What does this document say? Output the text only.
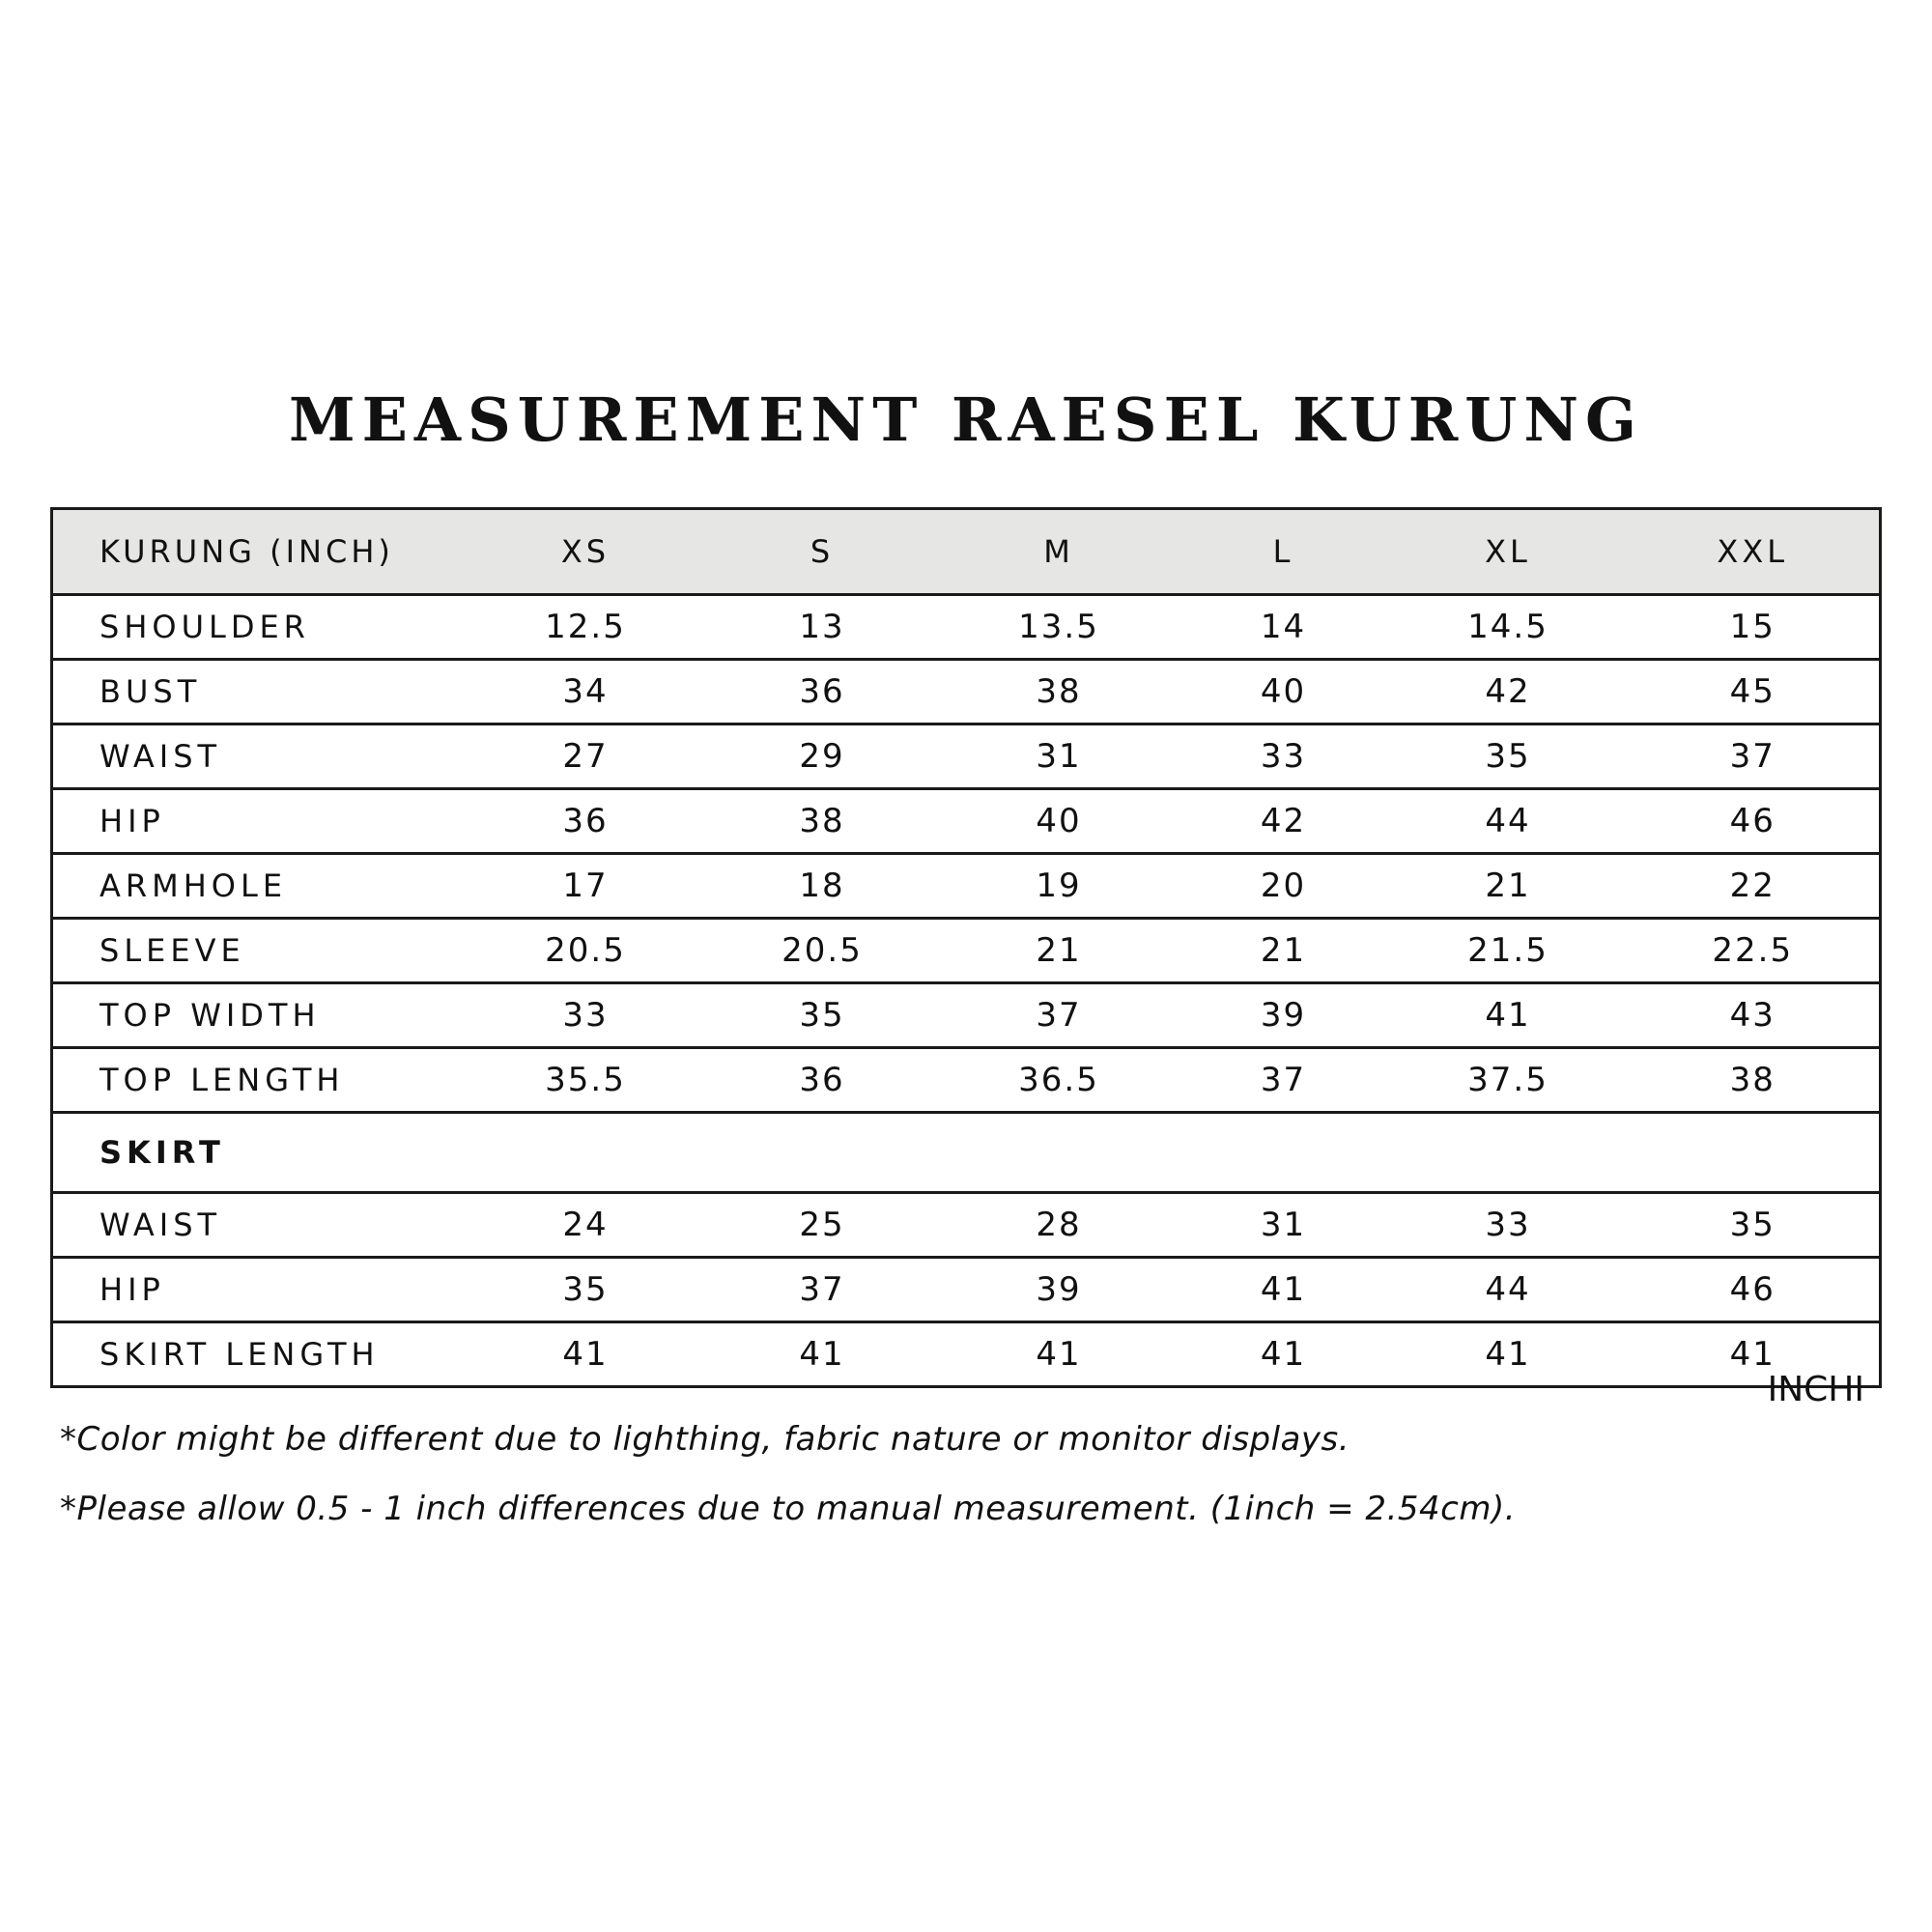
MEASUREMENT RAESEL KURUNG
KURUNG (INCH)	XS	S	M	L	XL	XXL
SHOULDER	12.5	13	13.5	14	14.5	15
BUST	34	36	38	40	42	45
WAIST	27	29	31	33	35	37
HIP	36	38	40	42	44	46
ARMHOLE	17	18	19	20	21	22
SLEEVE	20.5	20.5	21	21	21.5	22.5
TOP WIDTH	33	35	37	39	41	43
TOP LENGTH	35.5	36	36.5	37	37.5	38
SKIRT						
WAIST	24	25	28	31	33	35
HIP	35	37	39	41	44	46
SKIRT LENGTH	41	41	41	41	41	41
INCHI

*Color might be different due to lighthing, fabric nature or monitor displays.

*Please allow 0.5 - 1 inch differences due to manual measurement. (1inch = 2.54cm).
